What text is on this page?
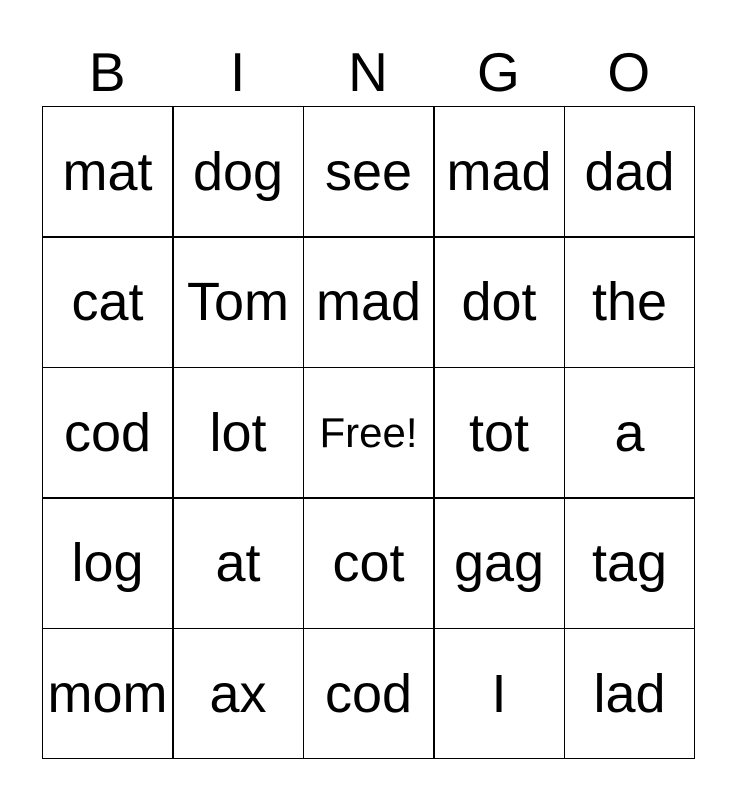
B	I	N	G	O
mat dog see mad dad
cat Tom mad dot	the
cod	lot	Free! tot	a
log	at	cot gag tag
mom ax	cod	I	lad
